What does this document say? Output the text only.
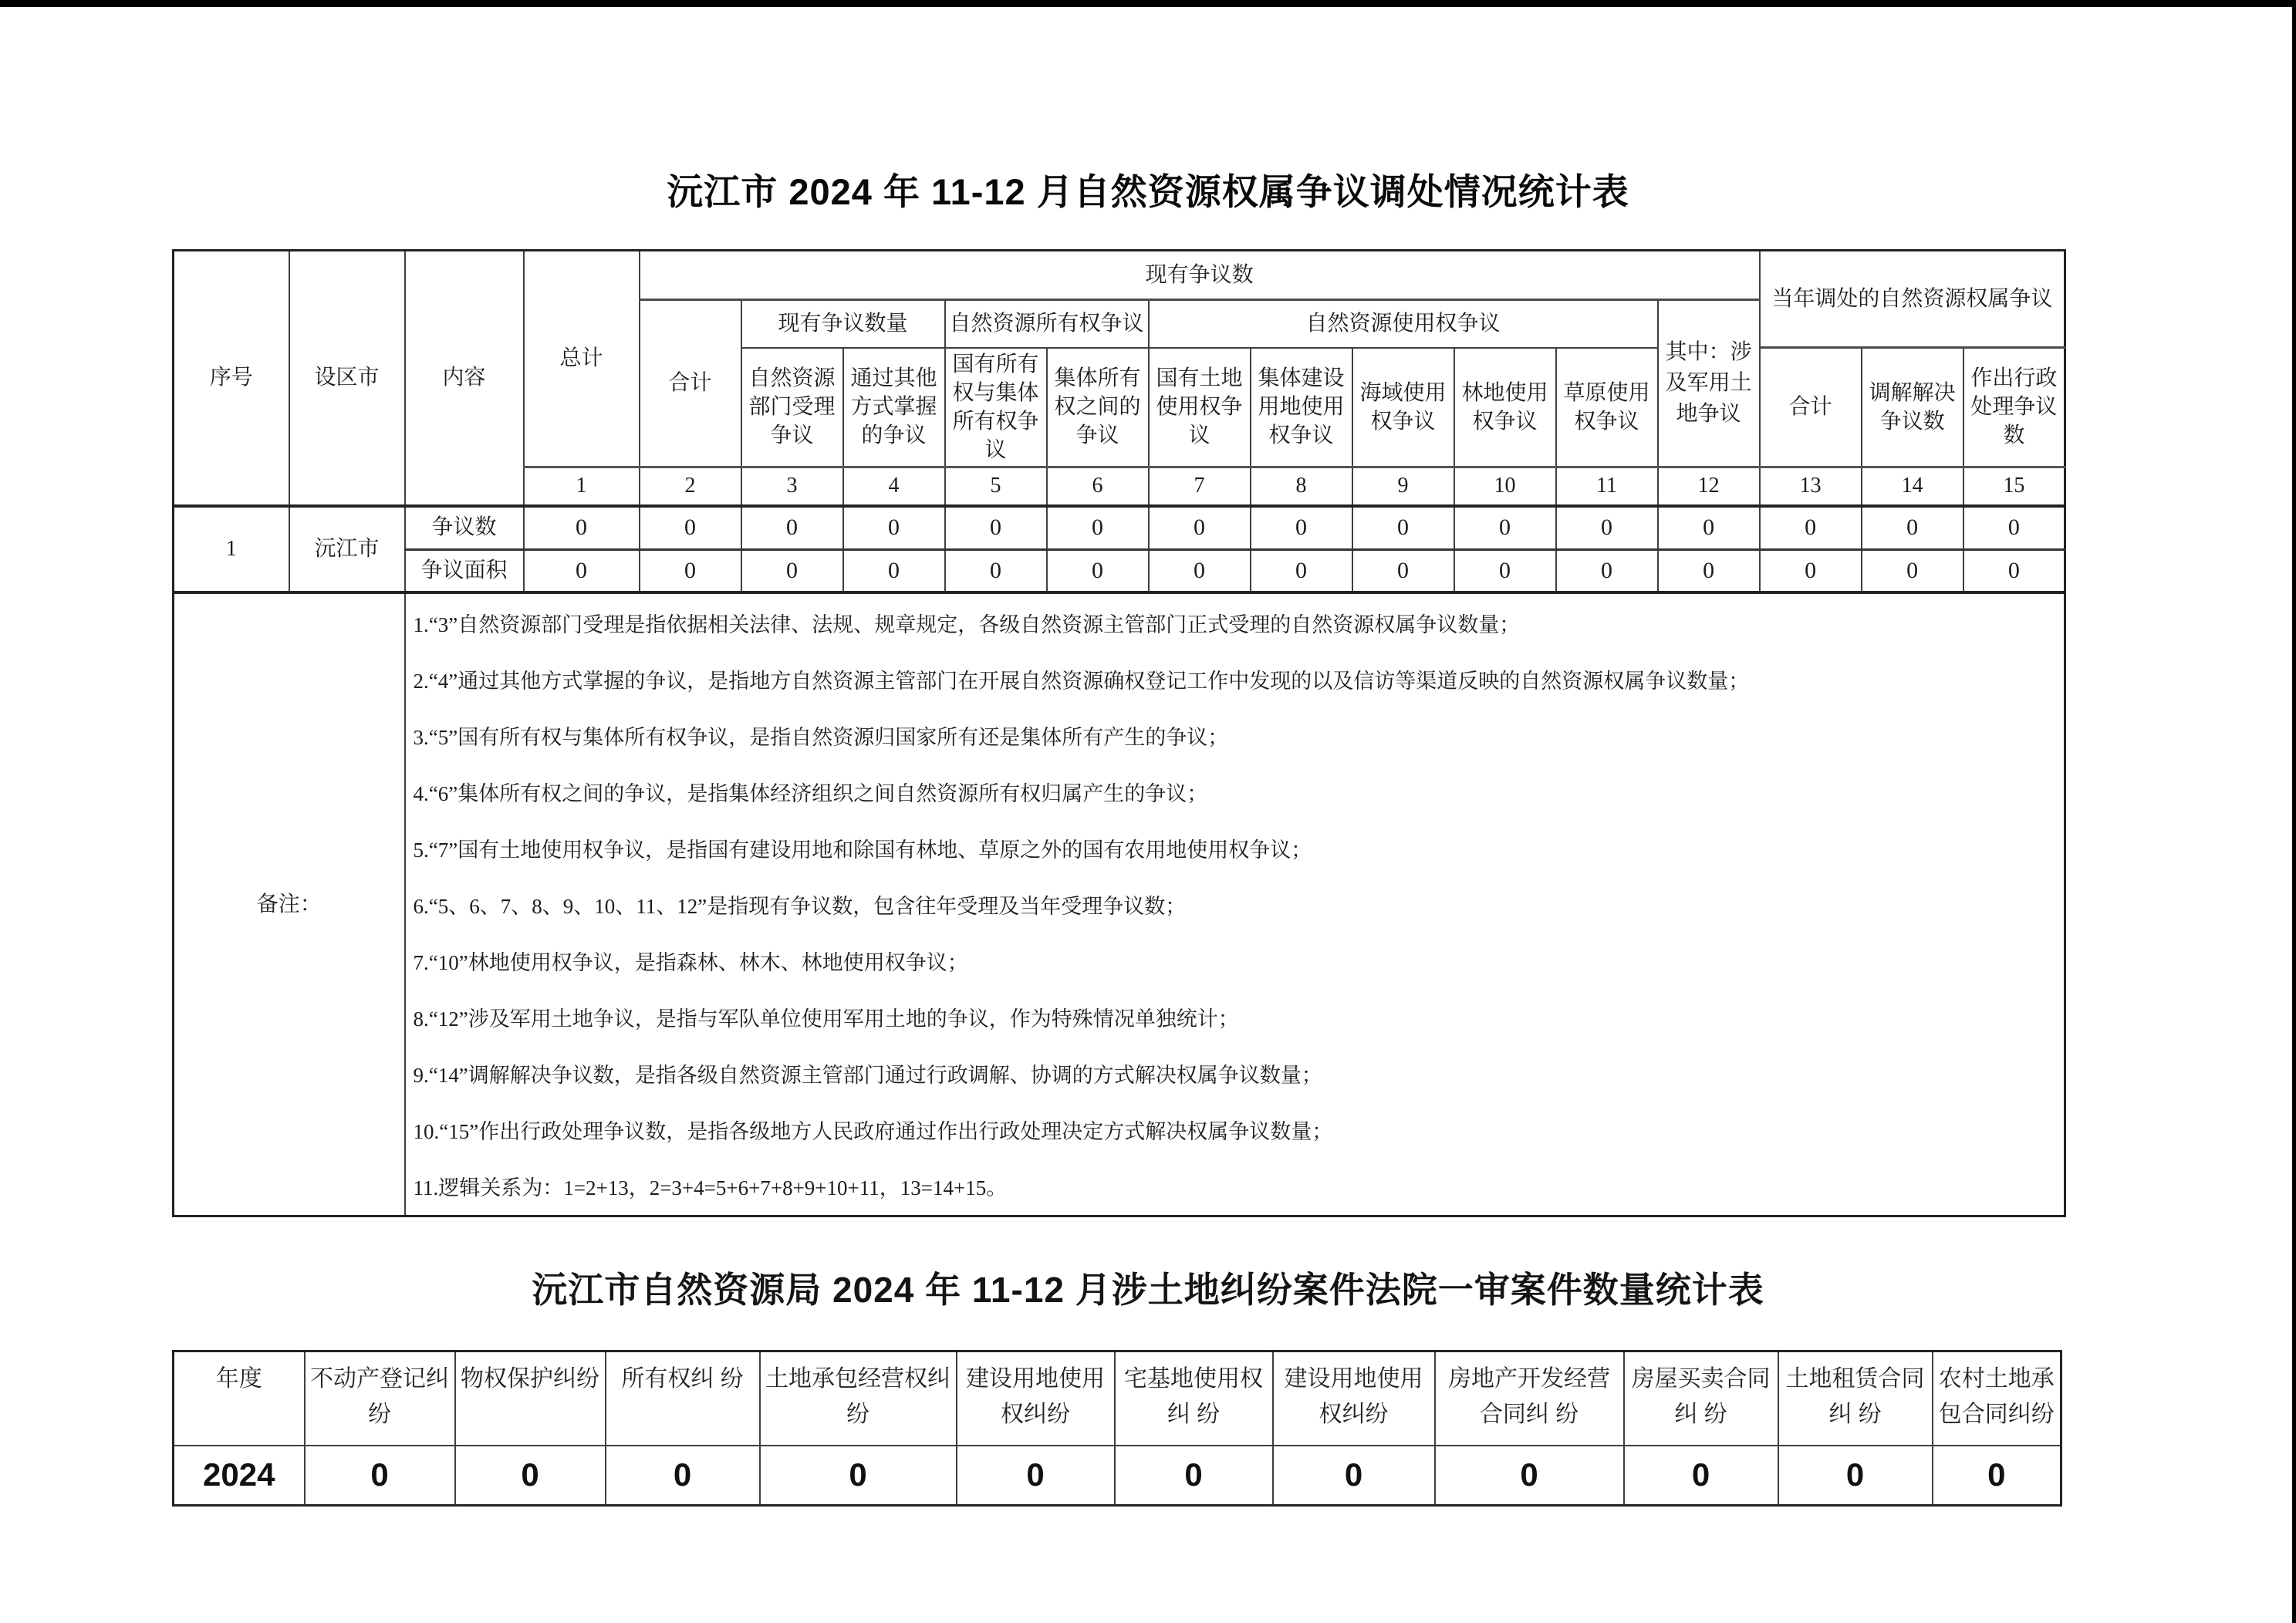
沅江市 2024 年 11-12 月自然资源权属争议调处情况统计表
序号	设区市	内容	总计	现有争议数											当年调处的自然资源权属争议		
				合计	现有争议数量		自然资源所有权争议		自然资源使用权争议					其中：涉及军用土地争议			
					自然资源部门受理争议	通过其他方式掌握的争议	国有所有权与集体所有权争议	集体所有权之间的争议	国有土地使用权争议	集体建设用地使用权争议	海域使用权争议	林地使用权争议	草原使用权争议		合计	调解解决争议数	作出行政处理争议数
			1	2	3	4	5	6	7	8	9	10	11	12	13	14	15
1	沅江市	争议数	0	0	0	0	0	0	0	0	0	0	0	0	0	0	0
		争议面积	0	0	0	0	0	0	0	0	0	0	0	0	0	0	0
备注：	
1.“3”自然资源部门受理是指依据相关法律、法规、规章规定，各级自然资源主管部门正式受理的自然资源权属争议数量；
2.“4”通过其他方式掌握的争议，是指地方自然资源主管部门在开展自然资源确权登记工作中发现的以及信访等渠道反映的自然资源权属争议数量；
3.“5”国有所有权与集体所有权争议，是指自然资源归国家所有还是集体所有产生的争议；
4.“6”集体所有权之间的争议，是指集体经济组织之间自然资源所有权归属产生的争议；
5.“7”国有土地使用权争议，是指国有建设用地和除国有林地、草原之外的国有农用地使用权争议；
6.“5、6、7、8、9、10、11、12”是指现有争议数，包含往年受理及当年受理争议数；
7.“10”林地使用权争议，是指森林、林木、林地使用权争议；
8.“12”涉及军用土地争议，是指与军队单位使用军用土地的争议，作为特殊情况单独统计；
9.“14”调解解决争议数，是指各级自然资源主管部门通过行政调解、协调的方式解决权属争议数量；
10.“15”作出行政处理争议数，是指各级地方人民政府通过作出行政处理决定方式解决权属争议数量；
11.逻辑关系为：1=2+13，2=3+4=5+6+7+8+9+10+11，13=14+15。
沅江市自然资源局 2024 年 11-12 月涉土地纠纷案件法院一审案件数量统计表
年度	不动产登记纠纷	物权保护纠纷	所有权纠 纷	土地承包经营权纠 纷	建设用地使用权纠纷	宅基地使用权纠 纷	建设用地使用权纠纷	房地产开发经营合同纠 纷	房屋买卖合同纠 纷	土地租赁合同纠 纷	农村土地承包合同纠纷
2024	0	0	0	0	0	0	0	0	0	0	0
